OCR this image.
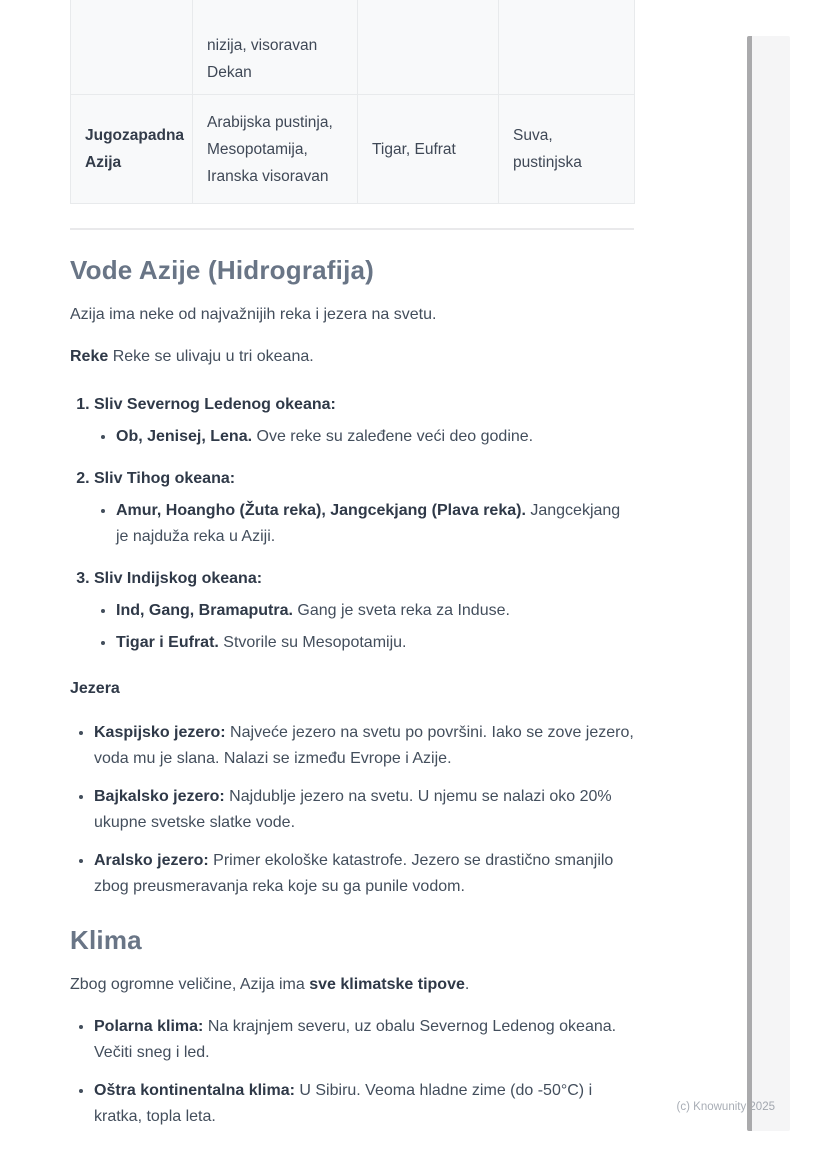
	nizija, visoravan Dekan		
Jugozapadna Azija	Arabijska pustinja, Mesopotamija, Iranska visoravan	Tigar, Eufrat	Suva, pustinjska
Vode Azije (Hidrografija)

Azija ima neke od najvažnijih reka i jezera na svetu.

Reke Reke se ulivaju u tri okeana.

1. Sliv Severnog Ledenog okeana:
• Ob, Jenisej, Lena. Ove reke su zaleđene veći deo godine.
2. Sliv Tihog okeana:
• Amur, Hoangho (Žuta reka), Jangcekjang (Plava reka). Jangcekjang je najduža reka u Aziji.
3. Sliv Indijskog okeana:
• Ind, Gang, Bramaputra. Gang je sveta reka za Induse.
• Tigar i Eufrat. Stvorile su Mesopotamiju.

Jezera

• Kaspijsko jezero: Najveće jezero na svetu po površini. Iako se zove jezero, voda mu je slana. Nalazi se između Evrope i Azije.
• Bajkalsko jezero: Najdublje jezero na svetu. U njemu se nalazi oko 20% ukupne svetske slatke vode.
• Aralsko jezero: Primer ekološke katastrofe. Jezero se drastično smanjilo zbog preusmeravanja reka koje su ga punile vodom.
Klima

Zbog ogromne veličine, Azija ima sve klimatske tipove.

• Polarna klima: Na krajnjem severu, uz obalu Severnog Ledenog okeana. Večiti sneg i led.
• Oštra kontinentalna klima: U Sibiru. Veoma hladne zime (do -50°C) i kratka, topla leta.
(c) Knowunity 2025
